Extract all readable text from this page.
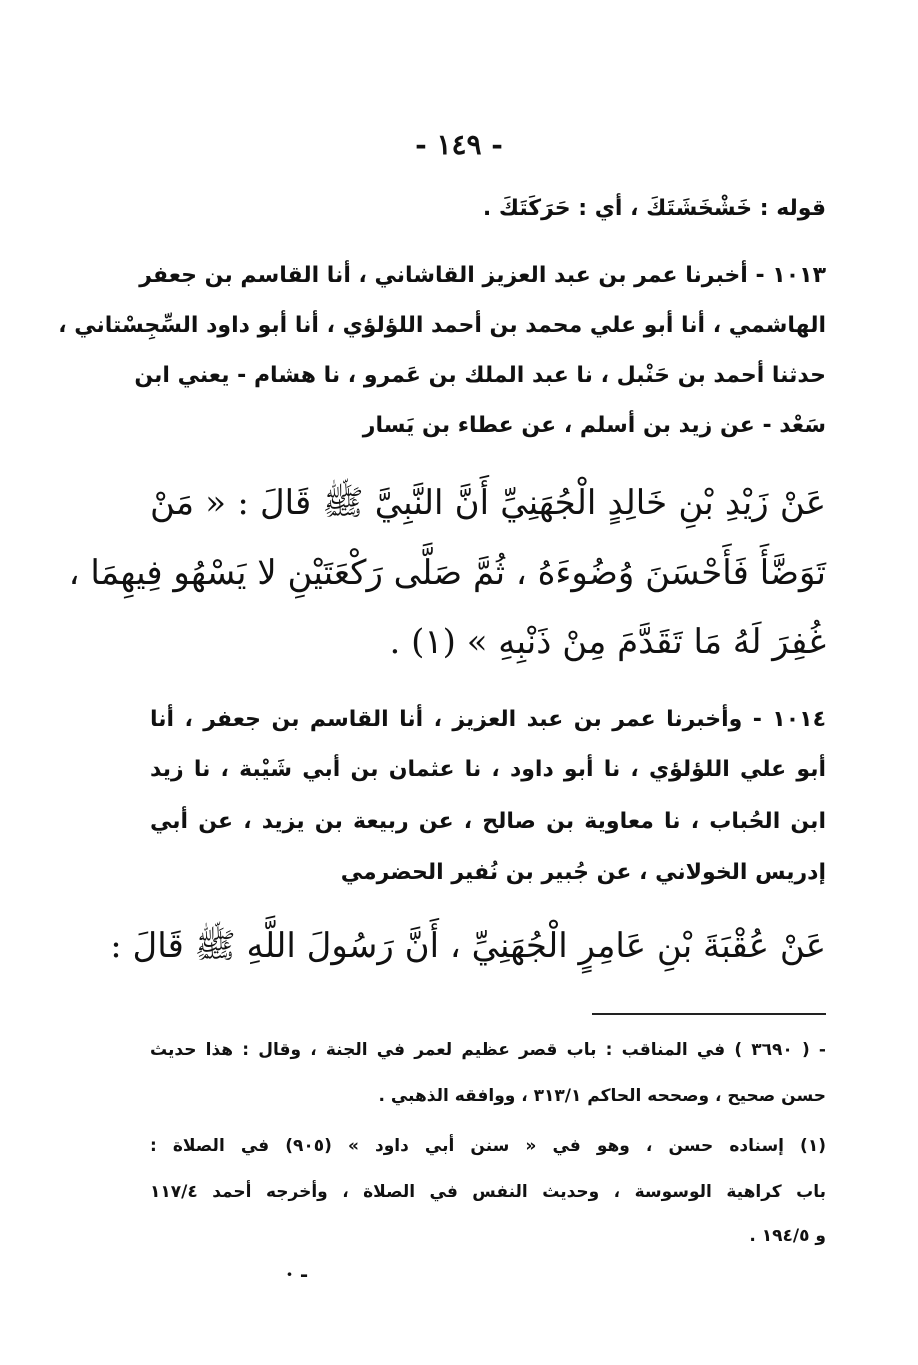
- ١٤٩ -
قوله : خَشْخَشَتَكَ ، أي : حَرَكَتَكَ .
١٠١٣ - أخبرنا عمر بن عبد العزيز القاشاني ، أنا القاسم بن جعفر
الهاشمي ، أنا أبو علي محمد بن أحمد اللؤلؤي ، أنا أبو داود السِّجِسْتاني ،
حدثنا أحمد بن حَنْبل ، نا عبد الملك بن عَمرو ، نا هشام - يعني ابن
سَعْد - عن زيد بن أسلم ، عن عطاء بن يَسار
عَنْ زَيْدِ بْنِ خَالِدٍ الْجُهَنِيِّ أَنَّ النَّبِيَّ ﷺ قَالَ : « مَنْ
تَوَضَّأَ فَأَحْسَنَ وُضُوءَهُ ، ثُمَّ صَلَّى رَكْعَتَيْنِ لا يَسْهُو فِيهِمَا ،
غُفِرَ لَهُ مَا تَقَدَّمَ مِنْ ذَنْبِهِ » (١) .
١٠١٤ - وأخبرنا عمر بن عبد العزيز ، أنا القاسم بن جعفر ، أنا
أبو علي اللؤلؤي ، نا أبو داود ، نا عثمان بن أبي شَيْبة ، نا زيد
ابن الحُباب ، نا معاوية بن صالح ، عن ربيعة بن يزيد ، عن أبي
إدريس الخولاني ، عن جُبير بن نُفير الحضرمي
عَنْ عُقْبَةَ بْنِ عَامِرٍ الْجُهَنِيِّ ، أَنَّ رَسُولَ اللَّهِ ﷺ قَالَ :
- ( ٣٦٩٠ ) في المناقب : باب قصر عظيم لعمر في الجنة ، وقال : هذا حديث
حسن صحيح ، وصححه الحاكم ٣١٣/١ ، ووافقه الذهبي .
(١) إسناده حسن ، وهو في « سنن أبي داود » (٩٠٥) في الصلاة :
باب كراهية الوسوسة ، وحديث النفس في الصلاة ، وأخرجه أحمد ١١٧/٤
و ١٩٤/٥ .
- ·
